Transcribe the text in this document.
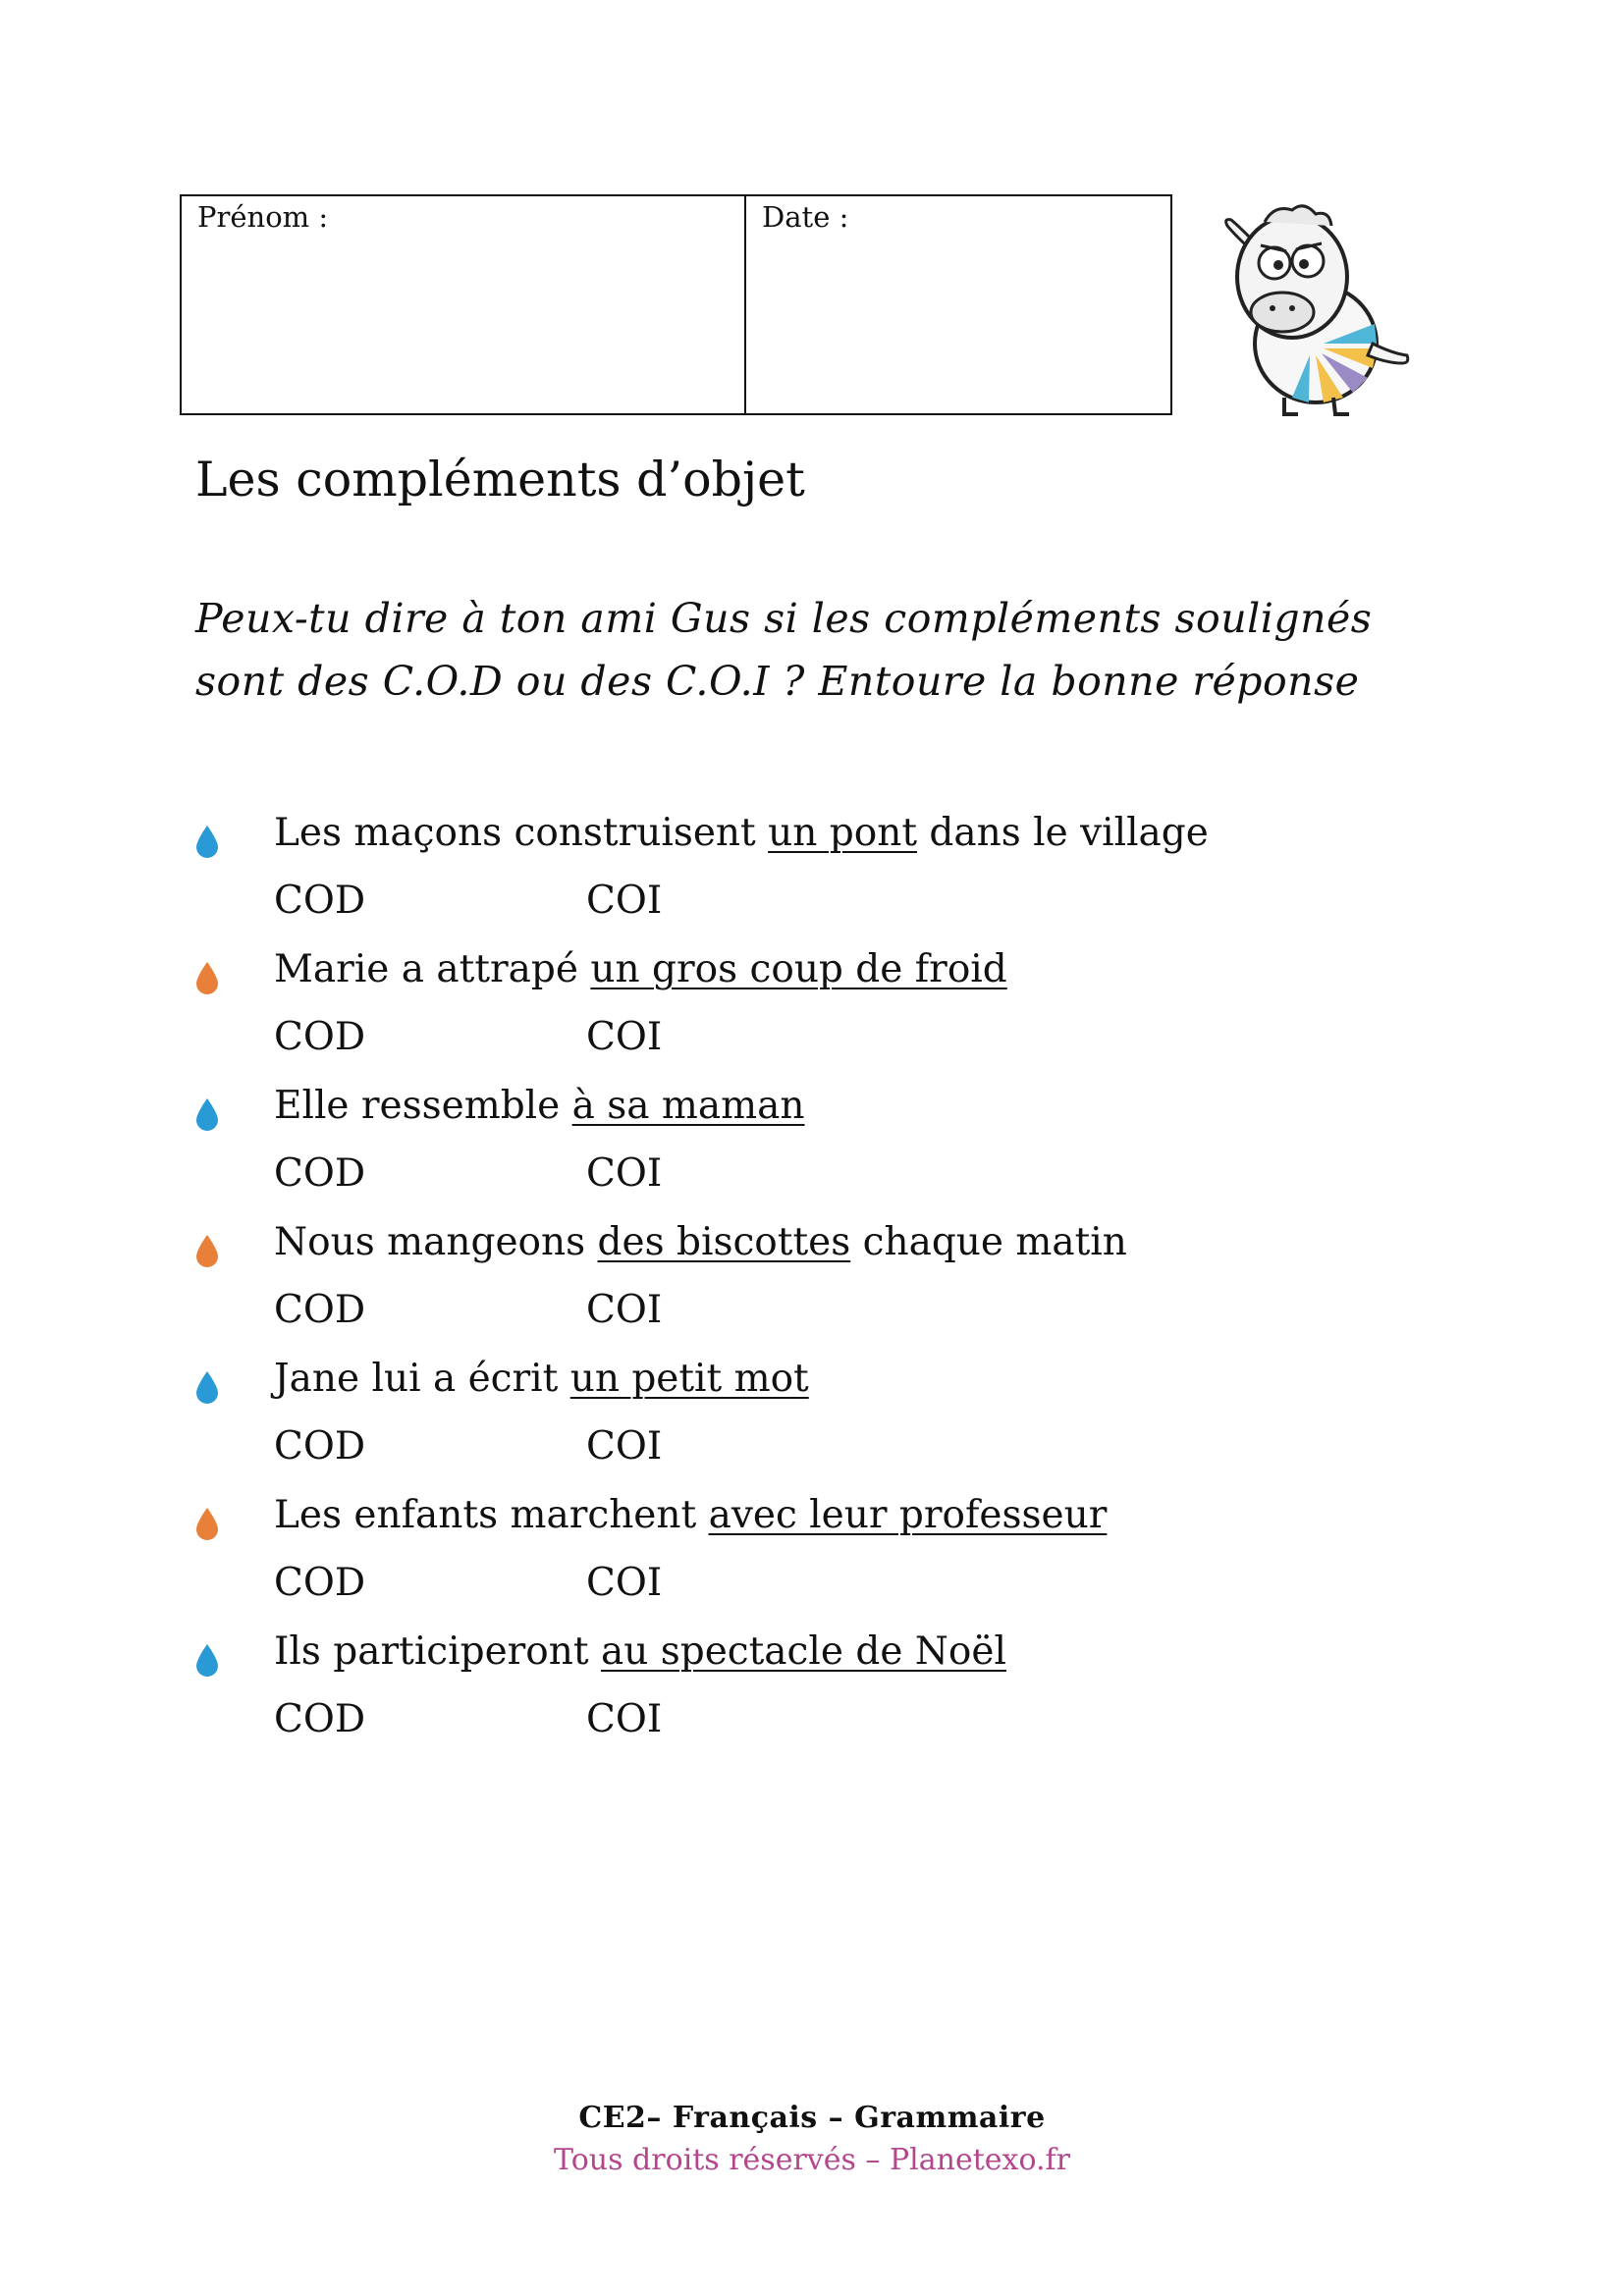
Prénom :	Date :
Les compléments d’objet
Peux-tu dire à ton ami Gus si les compléments soulignés
sont des C.O.D ou des C.O.I ? Entoure la bonne réponse
Les maçons construisent un pont dans le village
COD	COI
Marie a attrapé un gros coup de froid
COD	COI
Elle ressemble à sa maman
COD	COI
Nous mangeons des biscottes chaque matin
COD	COI
Jane lui a écrit un petit mot
COD	COI
Les enfants marchent avec leur professeur
COD	COI
Ils participeront au spectacle de Noël
COD	COI
CE2– Français – Grammaire
Tous droits réservés – Planetexo.fr
